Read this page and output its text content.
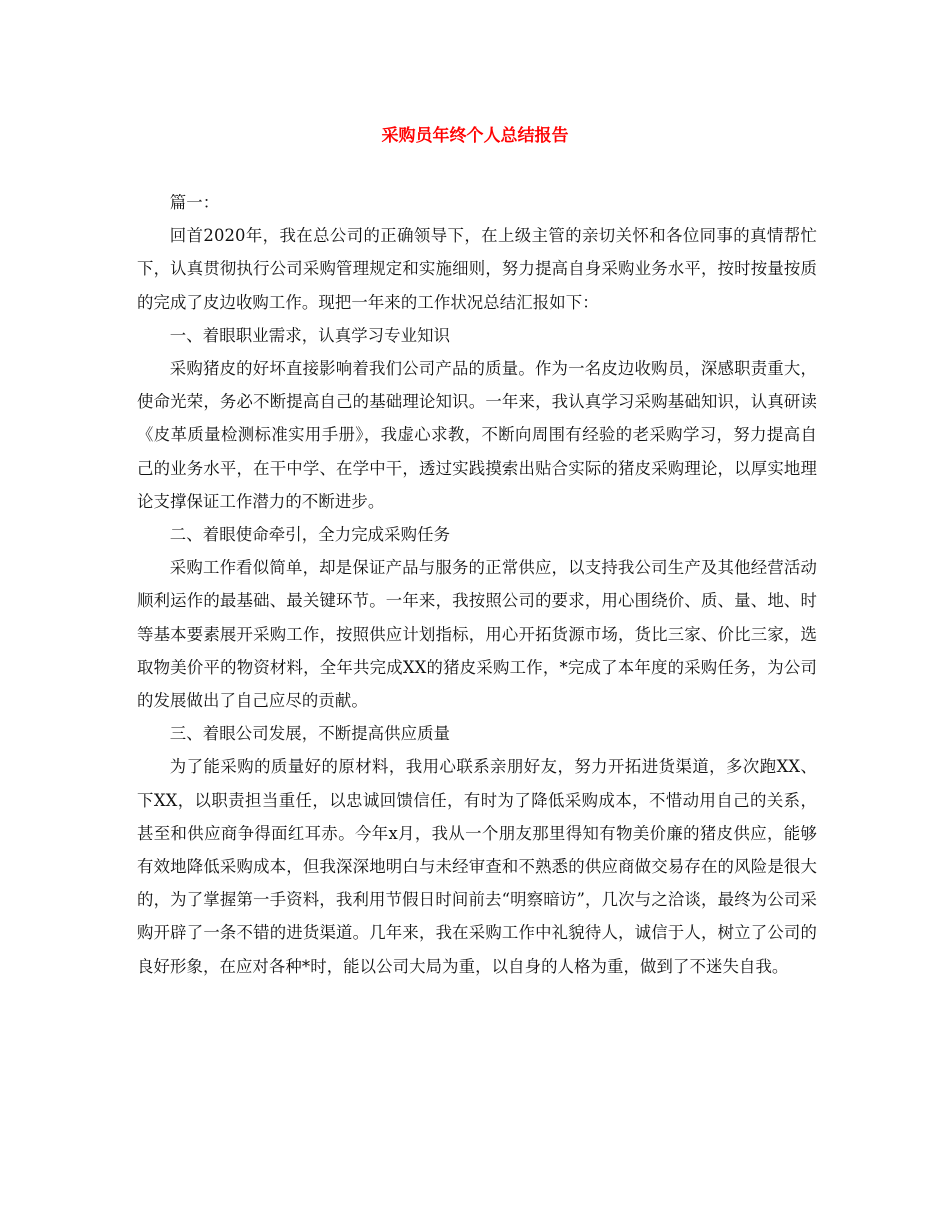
采购员年终个人总结报告

篇一：

回首2020年，我在总公司的正确领导下，在上级主管的亲切关怀和各位同事的真情帮忙下，认真贯彻执行公司采购管理规定和实施细则，努力提高自身采购业务水平，按时按量按质的完成了皮边收购工作。现把一年来的工作状况总结汇报如下：

一、着眼职业需求，认真学习专业知识

采购猪皮的好坏直接影响着我们公司产品的质量。作为一名皮边收购员，深感职责重大，使命光荣，务必不断提高自己的基础理论知识。一年来，我认真学习采购基础知识，认真研读《皮革质量检测标准实用手册》，我虚心求教，不断向周围有经验的老采购学习，努力提高自己的业务水平，在干中学、在学中干，透过实践摸索出贴合实际的猪皮采购理论，以厚实地理论支撑保证工作潜力的不断进步。

二、着眼使命牵引，全力完成采购任务

采购工作看似简单，却是保证产品与服务的正常供应，以支持我公司生产及其他经营活动顺利运作的最基础、最关键环节。一年来，我按照公司的要求，用心围绕价、质、量、地、时等基本要素展开采购工作，按照供应计划指标，用心开拓货源市场，货比三家、价比三家，选取物美价平的物资材料，全年共完成XX的猪皮采购工作，*完成了本年度的采购任务，为公司的发展做出了自己应尽的贡献。

三、着眼公司发展，不断提高供应质量

为了能采购的质量好的原材料，我用心联系亲朋好友，努力开拓进货渠道，多次跑XX、下XX，以职责担当重任，以忠诚回馈信任，有时为了降低采购成本，不惜动用自己的关系，甚至和供应商争得面红耳赤。今年x月，我从一个朋友那里得知有物美价廉的猪皮供应，能够有效地降低采购成本，但我深深地明白与未经审查和不熟悉的供应商做交易存在的风险是很大的，为了掌握第一手资料，我利用节假日时间前去“明察暗访”，几次与之洽谈，最终为公司采购开辟了一条不错的进货渠道。几年来，我在采购工作中礼貌待人，诚信于人，树立了公司的良好形象，在应对各种*时，能以公司大局为重，以自身的人格为重，做到了不迷失自我。
